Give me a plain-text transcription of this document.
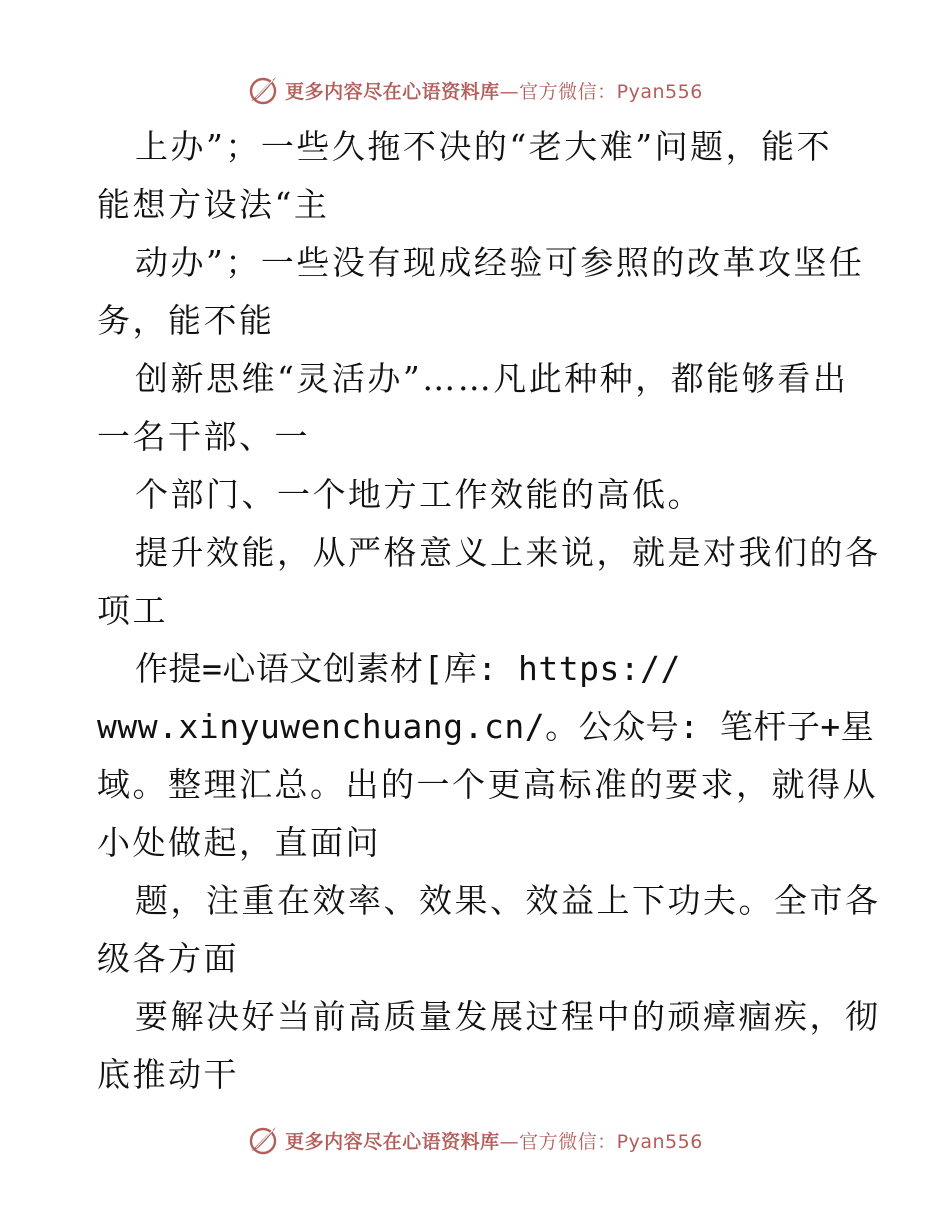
更多内容尽在心语资料库—官方微信：Pyan556
上办”；一些久拖不决的“老大难”问题，能不
能想方设法“主
动办”；一些没有现成经验可参照的改革攻坚任
务，能不能
创新思维“灵活办”……凡此种种，都能够看出
一名干部、一
个部门、一个地方工作效能的高低。
提升效能，从严格意义上来说，就是对我们的各
项工
作提=心语文创素材[库: https://
www.xinyuwenchuang.cn/。公众号: 笔杆子+星
域。整理汇总。出的一个更高标准的要求，就得从
小处做起，直面问
题，注重在效率、效果、效益上下功夫。全市各
级各方面
要解决好当前高质量发展过程中的顽瘴痼疾，彻
底推动干
更多内容尽在心语资料库—官方微信：Pyan556
